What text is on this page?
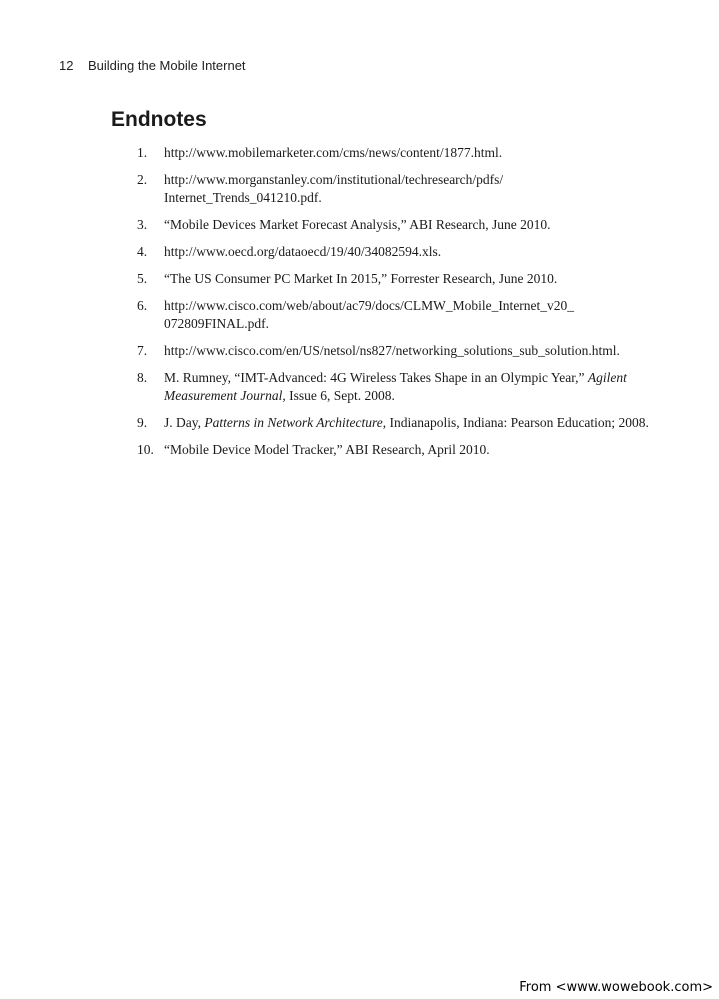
12 Building the Mobile Internet
Endnotes
1.	http://www.mobilemarketer.com/cms/news/content/1877.html.
2.	http://www.morganstanley.com/institutional/techresearch/pdfs/
Internet_Trends_041210.pdf.
3.	“Mobile Devices Market Forecast Analysis,” ABI Research, June 2010.
4.	http://www.oecd.org/dataoecd/19/40/34082594.xls.
5.	“The US Consumer PC Market In 2015,” Forrester Research, June 2010.
6.	http://www.cisco.com/web/about/ac79/docs/CLMW_Mobile_Internet_v20_
072809FINAL.pdf.
7.	http://www.cisco.com/en/US/netsol/ns827/networking_solutions_sub_solution.html.
8.	M. Rumney, “IMT-Advanced: 4G Wireless Takes Shape in an Olympic Year,” Agilent Measurement Journal, Issue 6, Sept. 2008.
9.	J. Day, Patterns in Network Architecture, Indianapolis, Indiana: Pearson Education; 2008.
10. “Mobile Device Model Tracker,” ABI Research, April 2010.
From <www.wowebook.com>
